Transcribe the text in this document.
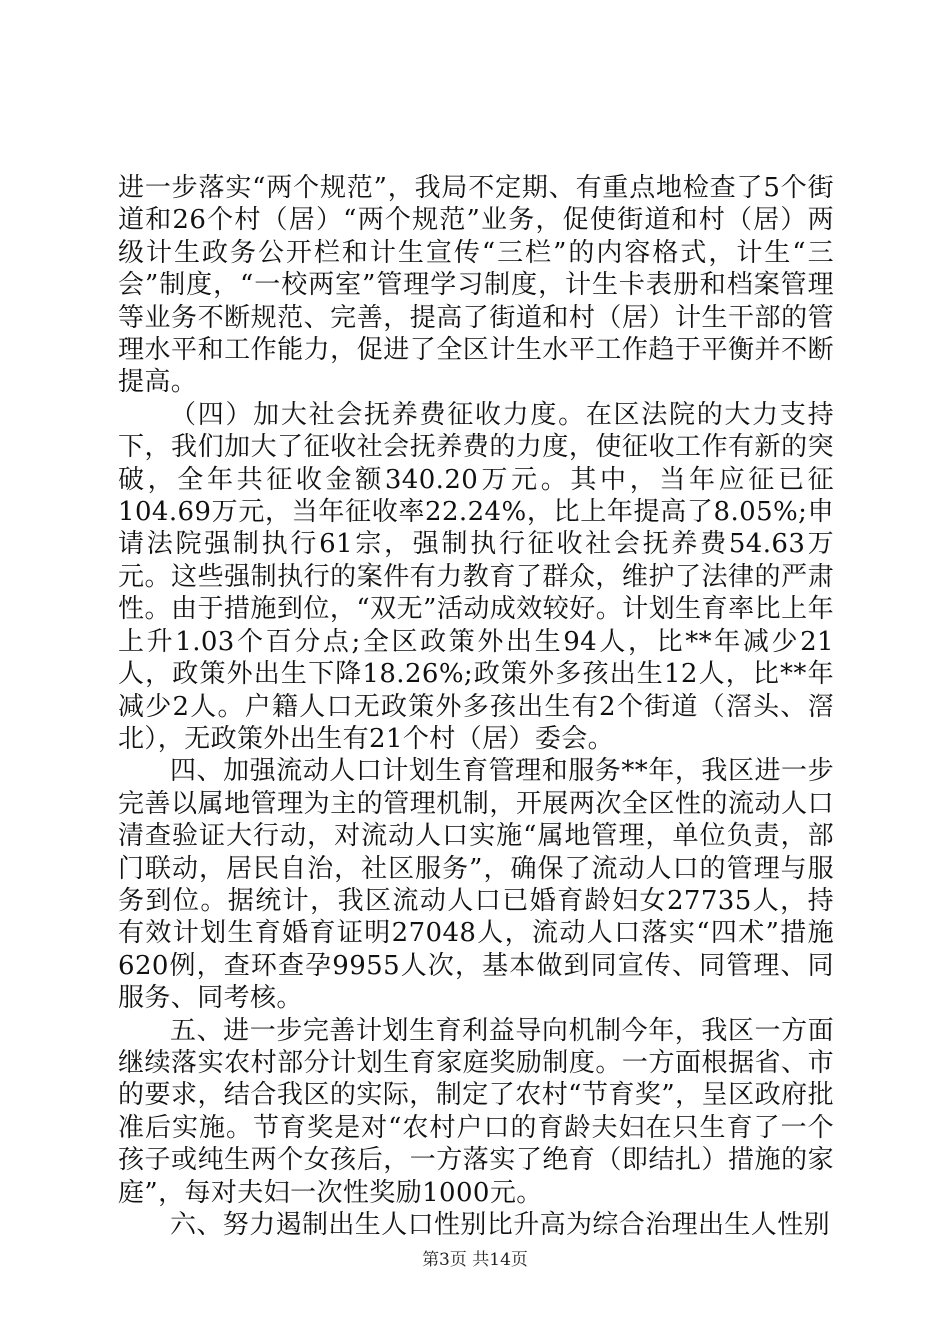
进一步落实“两个规范”，我局不定期、有重点地检查了5个街道和26个村（居）“两个规范”业务，促使街道和村（居）两级计生政务公开栏和计生宣传“三栏”的内容格式，计生“三会”制度，“一校两室”管理学习制度，计生卡表册和档案管理等业务不断规范、完善，提高了街道和村（居）计生干部的管理水平和工作能力，促进了全区计生水平工作趋于平衡并不断提高。

（四）加大社会抚养费征收力度。在区法院的大力支持下，我们加大了征收社会抚养费的力度，使征收工作有新的突破，全年共征收金额340.20万元。其中，当年应征已征104.69万元，当年征收率22.24%，比上年提高了8.05%;申请法院强制执行61宗，强制执行征收社会抚养费54.63万元。这些强制执行的案件有力教育了群众，维护了法律的严肃性。由于措施到位，“双无”活动成效较好。计划生育率比上年上升1.03个百分点;全区政策外出生94人，比**年减少21人，政策外出生下降18.26%;政策外多孩出生12人，比**年减少2人。户籍人口无政策外多孩出生有2个街道（滘头、滘北），无政策外出生有21个村（居）委会。

四、加强流动人口计划生育管理和服务**年，我区进一步完善以属地管理为主的管理机制，开展两次全区性的流动人口清查验证大行动，对流动人口实施“属地管理，单位负责，部门联动，居民自治，社区服务”，确保了流动人口的管理与服务到位。据统计，我区流动人口已婚育龄妇女27735人，持有效计划生育婚育证明27048人，流动人口落实“四术”措施620例，查环查孕9955人次，基本做到同宣传、同管理、同服务、同考核。

五、进一步完善计划生育利益导向机制今年，我区一方面继续落实农村部分计划生育家庭奖励制度。一方面根据省、市的要求，结合我区的实际，制定了农村“节育奖”，呈区政府批准后实施。节育奖是对“农村户口的育龄夫妇在只生育了一个孩子或纯生两个女孩后，一方落实了绝育（即结扎）措施的家庭”，每对夫妇一次性奖励1000元。

六、努力遏制出生人口性别比升高为综合治理出生人性别

第3页 共14页
